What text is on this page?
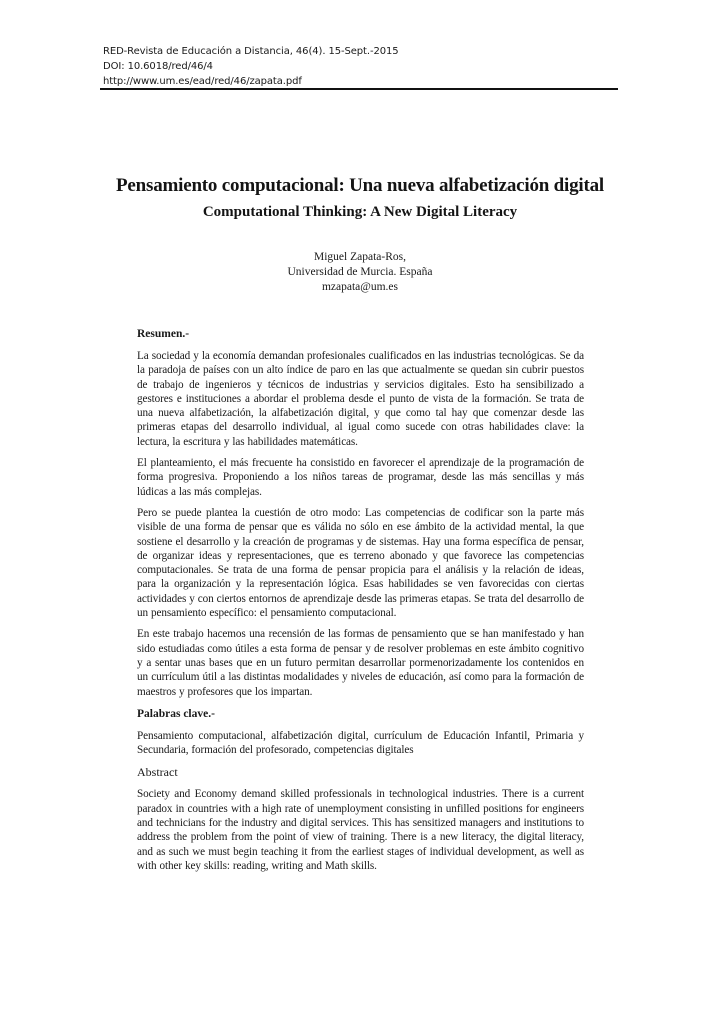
RED-Revista de Educación a Distancia, 46(4). 15-Sept.-2015
DOI: 10.6018/red/46/4
http://www.um.es/ead/red/46/zapata.pdf
Pensamiento computacional: Una nueva alfabetización digital
Computational Thinking: A New Digital Literacy
Miguel Zapata-Ros,
Universidad de Murcia. España
mzapata@um.es
Resumen.-

La sociedad y la economía demandan profesionales cualificados en las industrias tecnológicas. Se da la paradoja de países con un alto índice de paro en las que actualmente se quedan sin cubrir puestos de trabajo de ingenieros y técnicos de industrias y servicios digitales. Esto ha sensibilizado a gestores e instituciones a abordar el problema desde el punto de vista de la formación. Se trata de una nueva alfabetización, la alfabetización digital, y que como tal hay que comenzar desde las primeras etapas del desarrollo individual, al igual como sucede con otras habilidades clave: la lectura, la escritura y las habilidades matemáticas.

El planteamiento, el más frecuente ha consistido en favorecer el aprendizaje de la programación de forma progresiva. Proponiendo a los niños tareas de programar, desde las más sencillas y más lúdicas a las más complejas.

Pero se puede plantea la cuestión de otro modo: Las competencias de codificar son la parte más visible de una forma de pensar que es válida no sólo en ese ámbito de la actividad mental, la que sostiene el desarrollo y la creación de programas y de sistemas. Hay una forma específica de pensar, de organizar ideas y representaciones, que es terreno abonado y que favorece las competencias computacionales. Se trata de una forma de pensar propicia para el análisis y la relación de ideas, para la organización y la representación lógica. Esas habilidades se ven favorecidas con ciertas actividades y con ciertos entornos de aprendizaje desde las primeras etapas. Se trata del desarrollo de un pensamiento específico: el pensamiento computacional.

En este trabajo hacemos una recensión de las formas de pensamiento que se han manifestado y han sido estudiadas como útiles a esta forma de pensar y de resolver problemas en este ámbito cognitivo y a sentar unas bases que en un futuro permitan desarrollar pormenorizadamente los contenidos en un currículum útil a las distintas modalidades y niveles de educación, así como para la formación de maestros y profesores que los impartan.

Palabras clave.-

Pensamiento computacional, alfabetización digital, currículum de Educación Infantil, Primaria y Secundaria, formación del profesorado, competencias digitales

Abstract

Society and Economy demand skilled professionals in technological industries. There is a current paradox in countries with a high rate of unemployment consisting in unfilled positions for engineers and technicians for the industry and digital services. This has sensitized managers and institutions to address the problem from the point of view of training. There is a new literacy, the digital literacy, and as such we must begin teaching it from the earliest stages of individual development, as well as with other key skills: reading, writing and Math skills.
